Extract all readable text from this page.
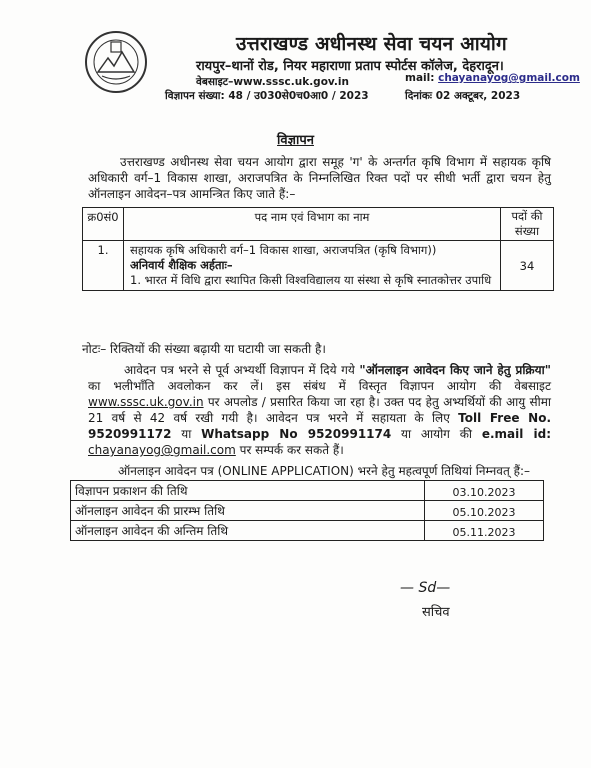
उत्तराखण्ड अधीनस्थ सेवा चयन आयोग
रायपुर–थानों रोड, नियर महाराणा प्रताप स्पोर्टस कॉलेज, देहरादून।
वेबसाइट–www.sssc.uk.gov.in	mail: chayanayog@gmail.com
विज्ञापन संख्या: 48 / उ030से0च0आ0 / 2023	दिनांकः 02 अक्टूबर, 2023
विज्ञापन
उत्तराखण्ड अधीनस्थ सेवा चयन आयोग द्वारा समूह 'ग' के अन्तर्गत कृषि विभाग में सहायक कृषि अधिकारी वर्ग–1 विकास शाखा, अराजपत्रित के निम्नलिखित रिक्त पदों पर सीधी भर्ती द्वारा चयन हेतु ऑनलाइन आवेदन–पत्र आमन्त्रित किए जाते हैं:–
क्र0सं0	पद नाम एवं विभाग का नाम	पदों की संख्या
1.	सहायक कृषि अधिकारी वर्ग–1 विकास शाखा, अराजपत्रित (कृषि विभाग))
अनिवार्य शैक्षिक अर्हताः–
1. भारत में विधि द्वारा स्थापित किसी विश्वविद्यालय या संस्था से कृषि स्नातकोत्तर उपाधि	34
नोटः– रिक्तियों की संख्या बढ़ायी या घटायी जा सकती है।
आवेदन पत्र भरने से पूर्व अभ्यर्थी विज्ञापन में दिये गये "ऑनलाइन आवेदन किए जाने हेतु प्रक्रिया" का भलीभाँति अवलोकन कर लें। इस संबंध में विस्तृत विज्ञापन आयोग की वेबसाइट www.sssc.uk.gov.in पर अपलोड / प्रसारित किया जा रहा है। उक्त पद हेतु अभ्यर्थियों की आयु सीमा 21 वर्ष से 42 वर्ष रखी गयी है। आवेदन पत्र भरने में सहायता के लिए Toll Free No. 9520991172 या Whatsapp No 9520991174 या आयोग की e.mail id: chayanayog@gmail.com पर सम्पर्क कर सकते हैं।
ऑनलाइन आवेदन पत्र (ONLINE APPLICATION) भरने हेतु महत्वपूर्ण तिथियां निम्नवत् हैं:–
विज्ञापन प्रकाशन की तिथि	03.10.2023
ऑनलाइन आवेदन की प्रारम्भ तिथि	05.10.2023
ऑनलाइन आवेदन की अन्तिम तिथि	05.11.2023
— Sd—
सचिव
